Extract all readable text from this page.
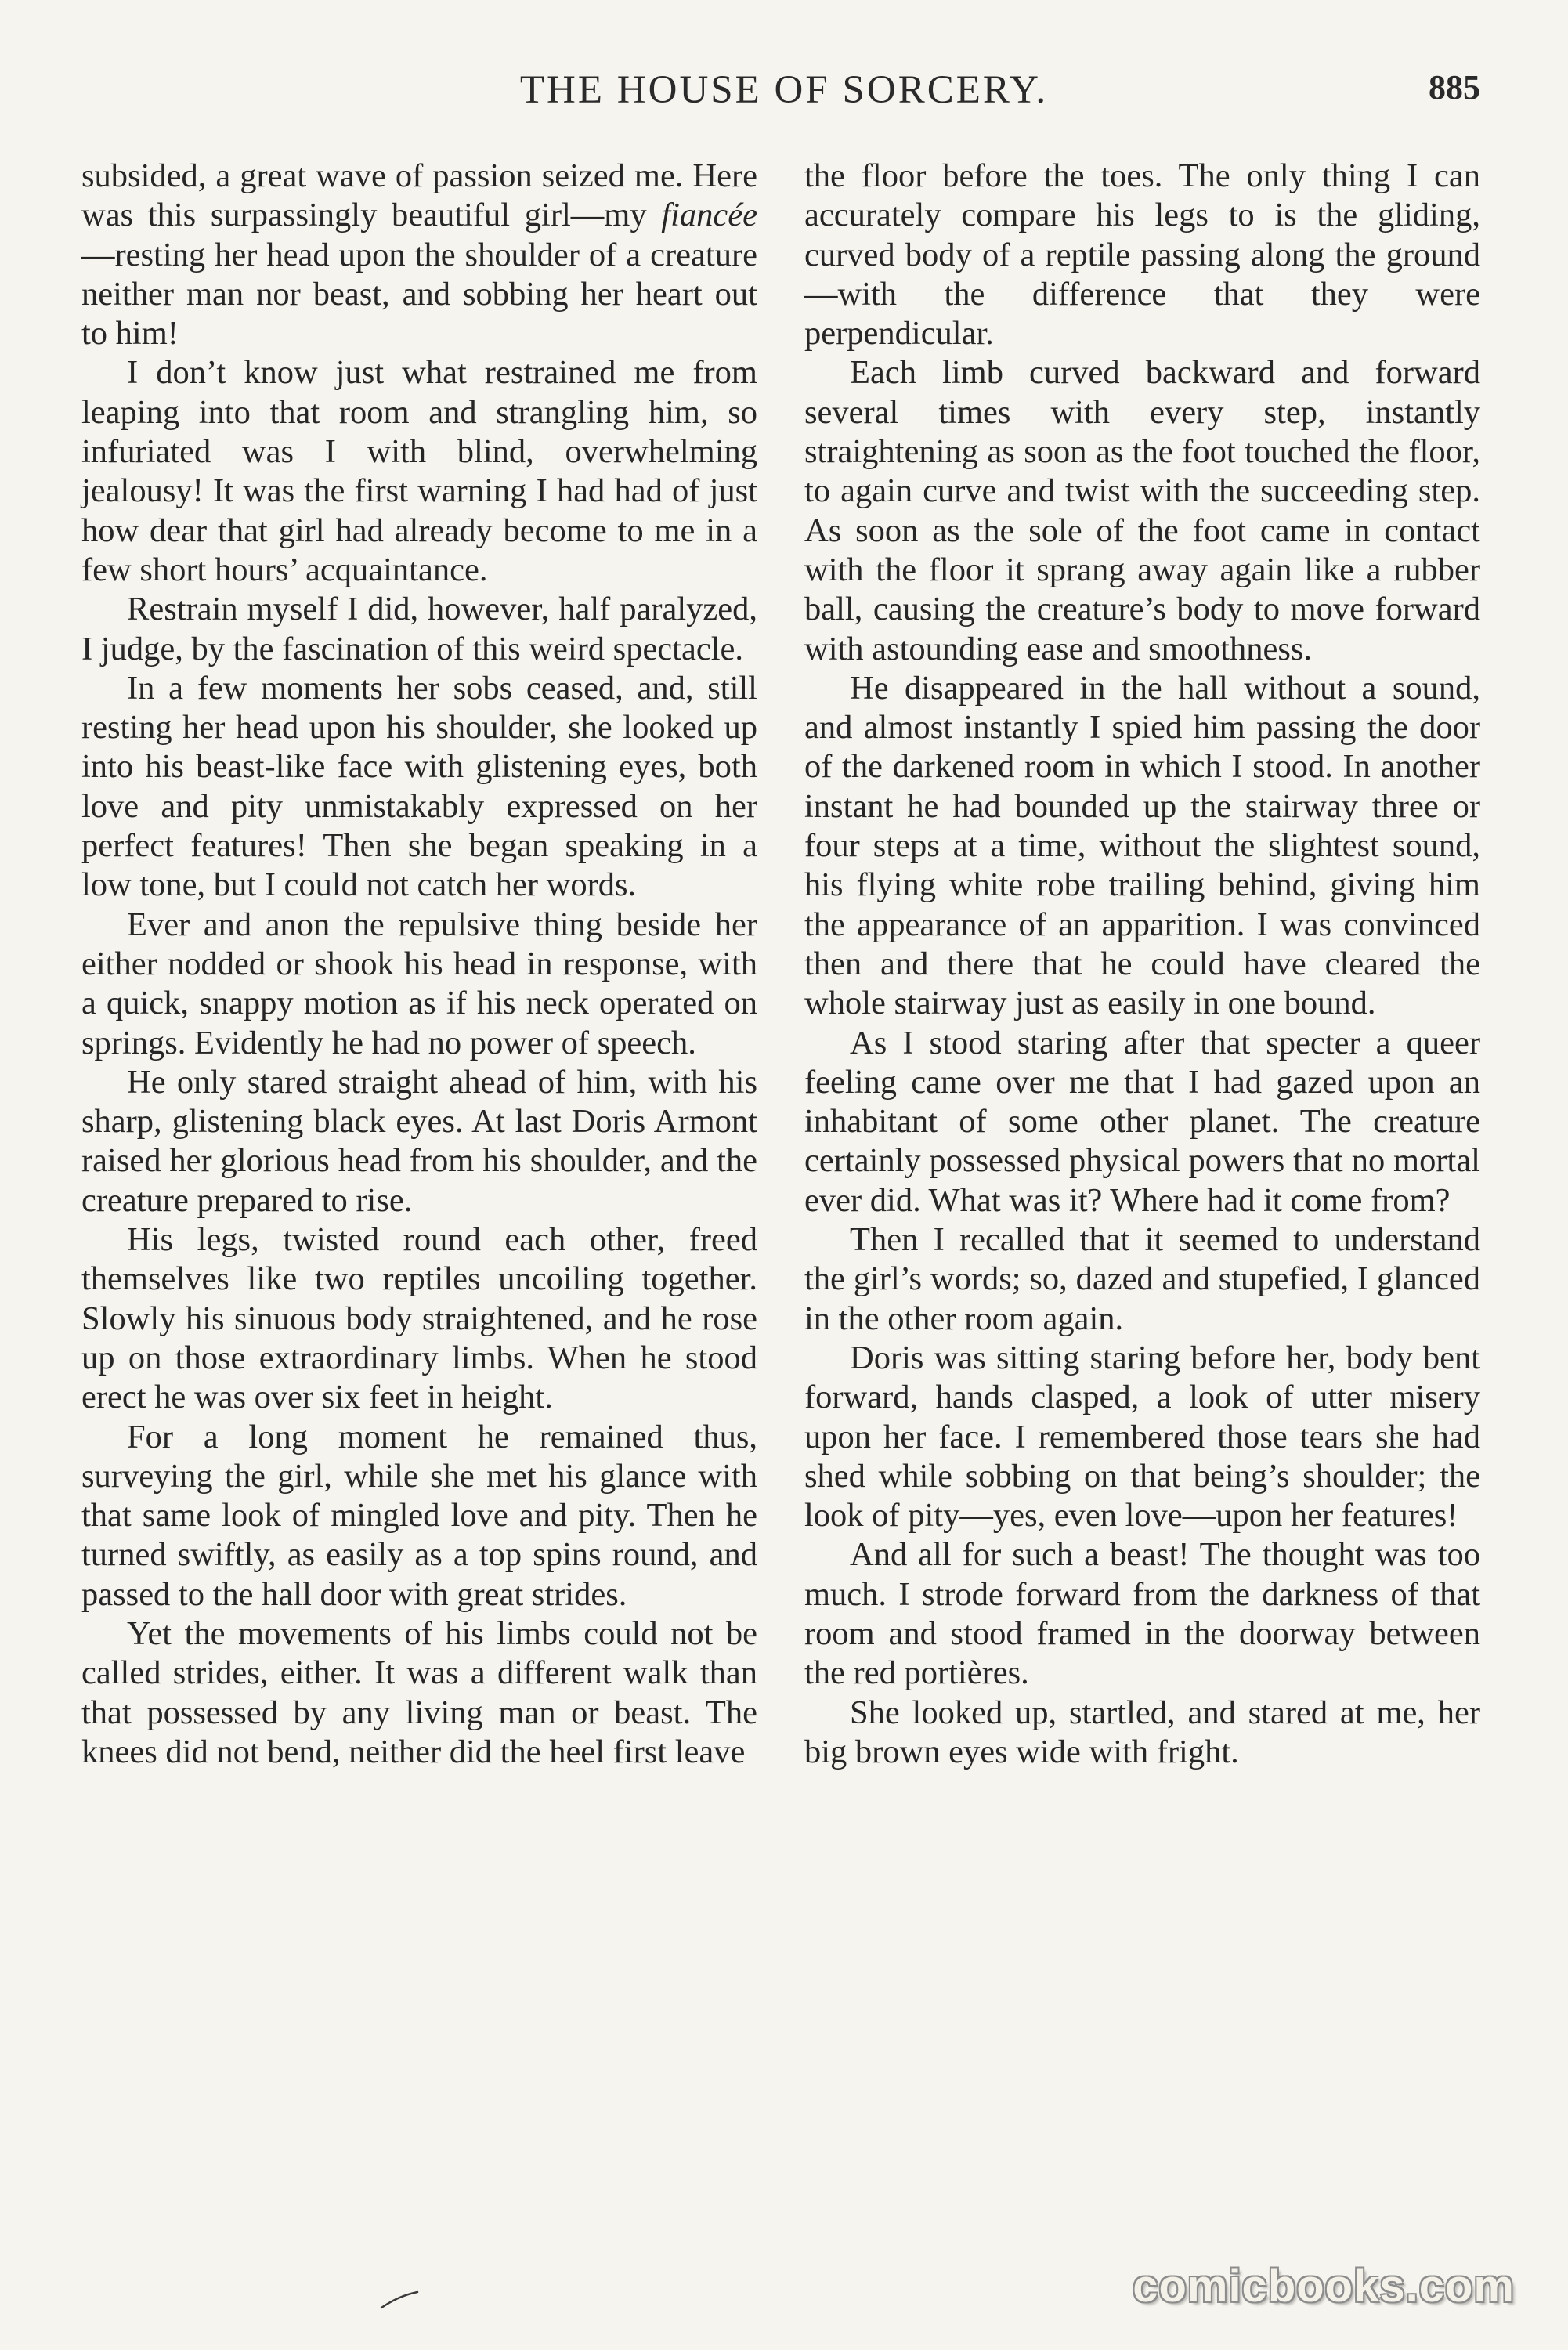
THE HOUSE OF SORCERY.	885

subsided, a great wave of passion seized me. Here was this surpassingly beautiful girl—my fiancée—resting her head upon the shoulder of a creature neither man nor beast, and sobbing her heart out to him!

I don’t know just what restrained me from leaping into that room and strangling him, so infuriated was I with blind, overwhelming jealousy! It was the first warning I had had of just how dear that girl had already become to me in a few short hours’ acquaintance.

Restrain myself I did, however, half paralyzed, I judge, by the fascination of this weird spectacle.

In a few moments her sobs ceased, and, still resting her head upon his shoulder, she looked up into his beast-like face with glistening eyes, both love and pity unmistakably expressed on her perfect features! Then she began speaking in a low tone, but I could not catch her words.

Ever and anon the repulsive thing beside her either nodded or shook his head in response, with a quick, snappy motion as if his neck operated on springs. Evidently he had no power of speech.

He only stared straight ahead of him, with his sharp, glistening black eyes. At last Doris Armont raised her glorious head from his shoulder, and the creature prepared to rise.

His legs, twisted round each other, freed themselves like two reptiles uncoiling together. Slowly his sinuous body straightened, and he rose up on those extraordinary limbs. When he stood erect he was over six feet in height.

For a long moment he remained thus, surveying the girl, while she met his glance with that same look of mingled love and pity. Then he turned swiftly, as easily as a top spins round, and passed to the hall door with great strides.

Yet the movements of his limbs could not be called strides, either. It was a different walk than that possessed by any living man or beast. The knees did not bend, neither did the heel first leave

the floor before the toes. The only thing I can accurately compare his legs to is the gliding, curved body of a reptile passing along the ground—with the difference that they were perpendicular.

Each limb curved backward and forward several times with every step, instantly straightening as soon as the foot touched the floor, to again curve and twist with the succeeding step. As soon as the sole of the foot came in contact with the floor it sprang away again like a rubber ball, causing the creature’s body to move forward with astounding ease and smoothness.

He disappeared in the hall without a sound, and almost instantly I spied him passing the door of the darkened room in which I stood. In another instant he had bounded up the stairway three or four steps at a time, without the slightest sound, his flying white robe trailing behind, giving him the appearance of an apparition. I was convinced then and there that he could have cleared the whole stairway just as easily in one bound.

As I stood staring after that specter a queer feeling came over me that I had gazed upon an inhabitant of some other planet. The creature certainly possessed physical powers that no mortal ever did. What was it? Where had it come from?

Then I recalled that it seemed to understand the girl’s words; so, dazed and stupefied, I glanced in the other room again.

Doris was sitting staring before her, body bent forward, hands clasped, a look of utter misery upon her face. I remembered those tears she had shed while sobbing on that being’s shoulder; the look of pity—yes, even love—upon her features!

And all for such a beast! The thought was too much. I strode forward from the darkness of that room and stood framed in the doorway between the red portières.

She looked up, startled, and stared at me, her big brown eyes wide with fright.

comicbooks.com
